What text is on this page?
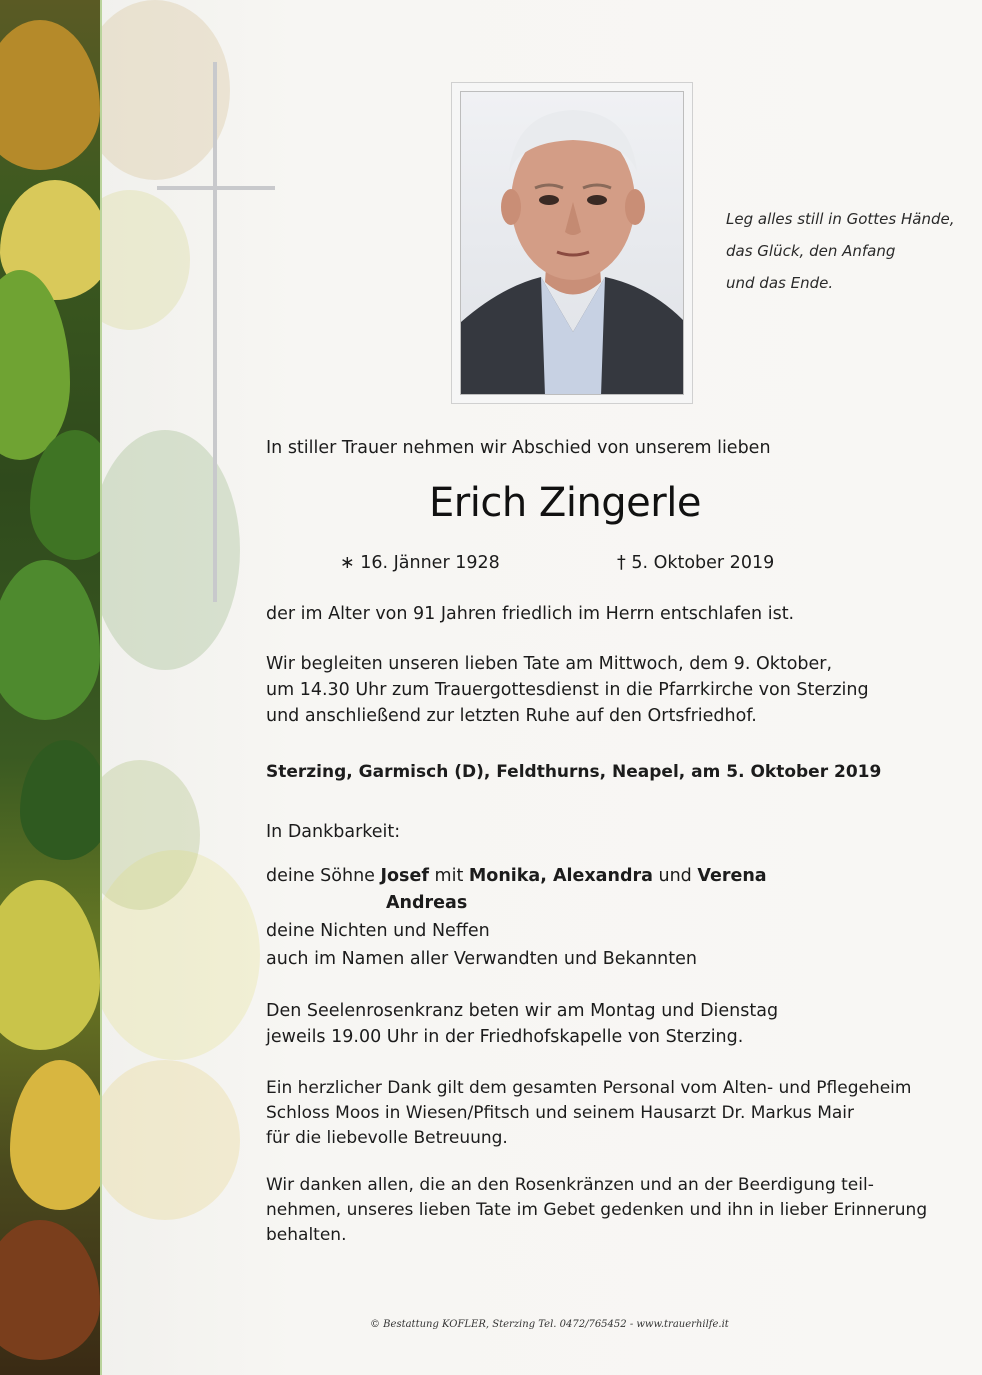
Leg alles still in Gottes Hände,
das Glück, den Anfang
und das Ende.
In stiller Trauer nehmen wir Abschied von unserem lieben
Erich Zingerle
∗ 16. Jänner 1928	† 5. Oktober 2019
der im Alter von 91 Jahren friedlich im Herrn entschlafen ist.
Wir begleiten unseren lieben Tate am Mittwoch, dem 9. Oktober,
um 14.30 Uhr zum Trauergottesdienst in die Pfarrkirche von Sterzing
und anschließend zur letzten Ruhe auf den Ortsfriedhof.
Sterzing, Garmisch (D), Feldthurns, Neapel, am 5. Oktober 2019
In Dankbarkeit:
deine Söhne Josef mit Monika, Alexandra und Verena
Andreas
deine Nichten und Neffen
auch im Namen aller Verwandten und Bekannten
Den Seelenrosenkranz beten wir am Montag und Dienstag
jeweils 19.00 Uhr in der Friedhofskapelle von Sterzing.
Ein herzlicher Dank gilt dem gesamten Personal vom Alten- und Pflegeheim
Schloss Moos in Wiesen/Pfitsch und seinem Hausarzt Dr. Markus Mair
für die liebevolle Betreuung.
Wir danken allen, die an den Rosenkränzen und an der Beerdigung teil-
nehmen, unseres lieben Tate im Gebet gedenken und ihn in lieber Erinnerung
behalten.
© Bestattung KOFLER, Sterzing Tel. 0472/765452 - www.trauerhilfe.it
